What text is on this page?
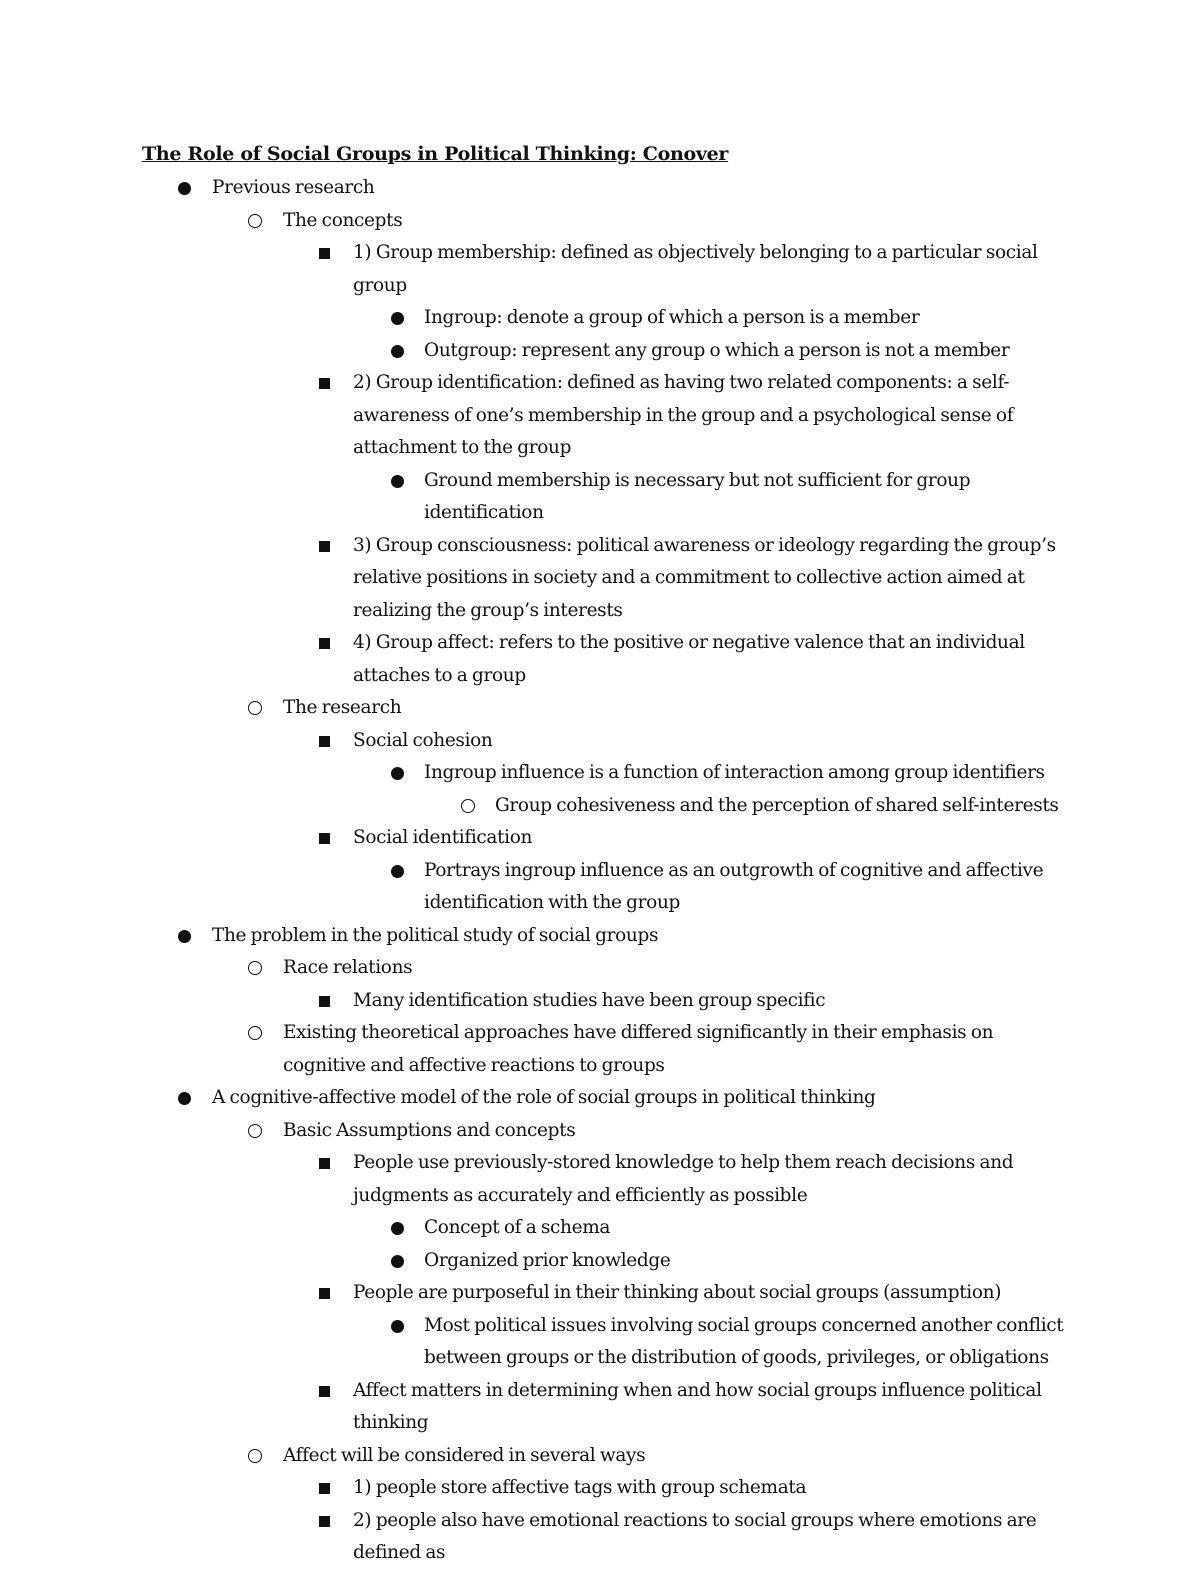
The Role of Social Groups in Political Thinking: Conover
Previous research
The concepts
1) Group membership: defined as objectively belonging to a particular social group
Ingroup: denote a group of which a person is a member
Outgroup: represent any group o which a person is not a member
2) Group identification: defined as having two related components: a self-awareness of one’s membership in the group and a psychological sense of attachment to the group
Ground membership is necessary but not sufficient for group identification
3) Group consciousness: political awareness or ideology regarding the group’s relative positions in society and a commitment to collective action aimed at realizing the group’s interests
4) Group affect: refers to the positive or negative valence that an individual attaches to a group
The research
Social cohesion
Ingroup influence is a function of interaction among group identifiers
Group cohesiveness and the perception of shared self-interests
Social identification
Portrays ingroup influence as an outgrowth of cognitive and affective identification with the group
The problem in the political study of social groups
Race relations
Many identification studies have been group specific
Existing theoretical approaches have differed significantly in their emphasis on cognitive and affective reactions to groups
A cognitive-affective model of the role of social groups in political thinking
Basic Assumptions and concepts
People use previously-stored knowledge to help them reach decisions and judgments as accurately and efficiently as possible
Concept of a schema
Organized prior knowledge
People are purposeful in their thinking about social groups (assumption)
Most political issues involving social groups concerned another conflict between groups or the distribution of goods, privileges, or obligations
Affect matters in determining when and how social groups influence political thinking
Affect will be considered in several ways
1) people store affective tags with group schemata
2) people also have emotional reactions to social groups where emotions are defined as
